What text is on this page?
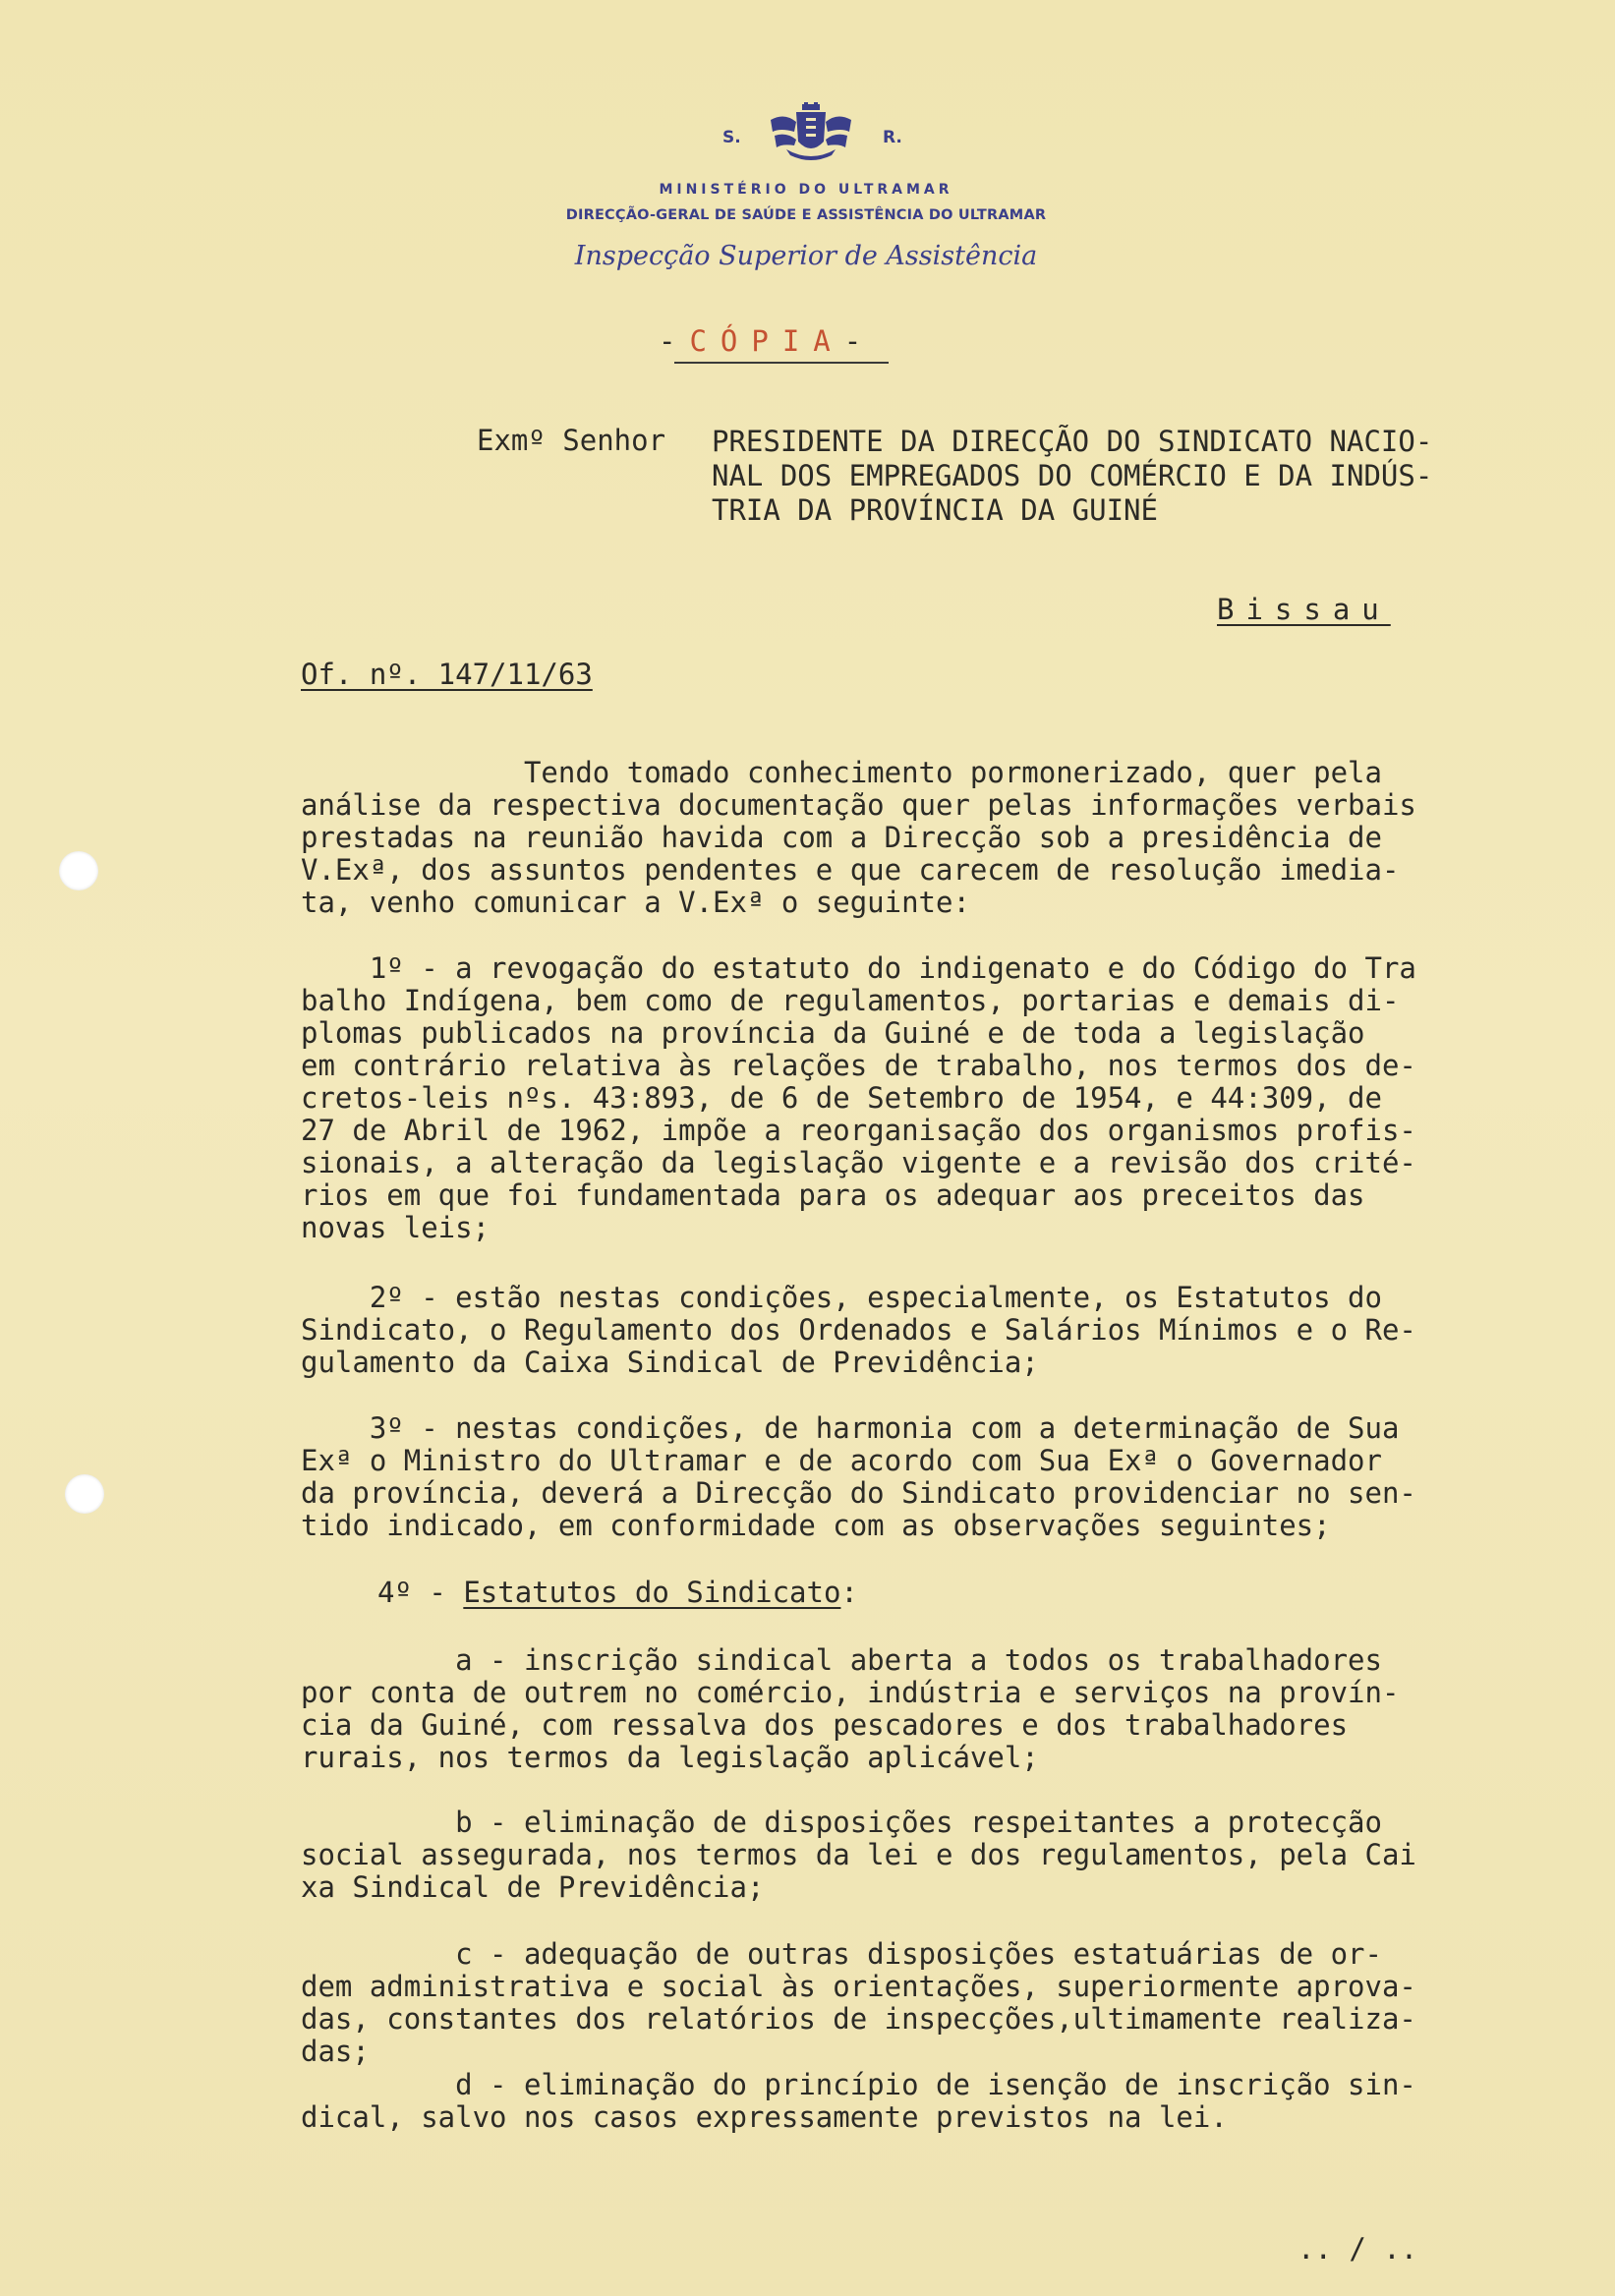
S.	R.
MINISTÉRIO DO ULTRAMAR
DIRECÇÃO-GERAL DE SAÚDE E ASSISTÊNCIA DO ULTRAMAR
Inspecção Superior de Assistência
-CÓPIA-
Exmº Senhor PRESIDENTE DA DIRECÇÃO DO SINDICATO NACIO-
NAL DOS EMPREGADOS DO COMÉRCIO E DA INDÚS-
TRIA DA PROVÍNCIA DA GUINÉ
Bissau
Of. nº. 147/11/63
Tendo tomado conhecimento pormonerizado, quer pela
análise da respectiva documentação quer pelas informações verbais
prestadas na reunião havida com a Direcção sob a presidência de
V.Exª, dos assuntos pendentes e que carecem de resolução imedia-
ta, venho comunicar a V.Exª o seguinte:
1º - a revogação do estatuto do indigenato e do Código do Tra
balho Indígena, bem como de regulamentos, portarias e demais di-
plomas publicados na província da Guiné e de toda a legislação
em contrário relativa às relações de trabalho, nos termos dos de-
cretos-leis nºs. 43:893, de 6 de Setembro de 1954, e 44:309, de
27 de Abril de 1962, impõe a reorganisação dos organismos profis-
sionais, a alteração da legislação vigente e a revisão dos crité-
rios em que foi fundamentada para os adequar aos preceitos das
novas leis;
2º - estão nestas condições, especialmente, os Estatutos do
Sindicato, o Regulamento dos Ordenados e Salários Mínimos e o Re-
gulamento da Caixa Sindical de Previdência;
3º - nestas condições, de harmonia com a determinação de Sua
Exª o Ministro do Ultramar e de acordo com Sua Exª o Governador
da província, deverá a Direcção do Sindicato providenciar no sen-
tido indicado, em conformidade com as observações seguintes;
4º - Estatutos do Sindicato:
a - inscrição sindical aberta a todos os trabalhadores
por conta de outrem no comércio, indústria e serviços na provín-
cia da Guiné, com ressalva dos pescadores e dos trabalhadores
rurais, nos termos da legislação aplicável;
b - eliminação de disposições respeitantes a protecção
social assegurada, nos termos da lei e dos regulamentos, pela Cai
xa Sindical de Previdência;
c - adequação de outras disposições estatuárias de or-
dem administrativa e social às orientações, superiormente aprova-
das, constantes dos relatórios de inspecções,ultimamente realiza-
das;
d - eliminação do princípio de isenção de inscrição sin-
dical, salvo nos casos expressamente previstos na lei.
.. / ..
